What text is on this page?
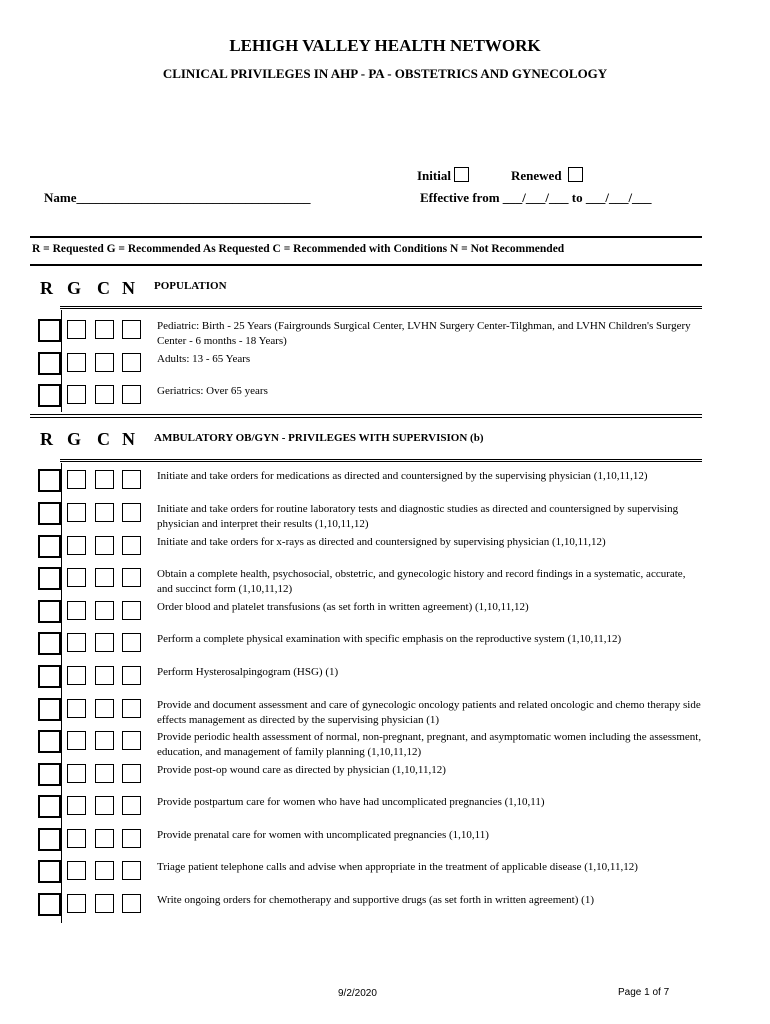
LEHIGH VALLEY HEALTH NETWORK
CLINICAL PRIVILEGES IN AHP - PA - OBSTETRICS AND GYNECOLOGY
Initial	Renewed
Name____________________________________	Effective from ___/___/___ to ___/___/___
R = Requested G = Recommended As Requested C = Recommended with Conditions N = Not Recommended
R G C N POPULATION
Pediatric: Birth - 25 Years (Fairgrounds Surgical Center, LVHN Surgery Center-Tilghman, and LVHN Children's Surgery Center - 6 months - 18 Years)
Adults: 13 - 65 Years
Geriatrics: Over 65 years
R G C N AMBULATORY OB/GYN - PRIVILEGES WITH SUPERVISION (b)
Initiate and take orders for medications as directed and countersigned by the supervising physician (1,10,11,12)
Initiate and take orders for routine laboratory tests and diagnostic studies as directed and countersigned by supervising physician and interpret their results (1,10,11,12)
Initiate and take orders for x-rays as directed and countersigned by supervising physician (1,10,11,12)
Obtain a complete health, psychosocial, obstetric, and gynecologic history and record findings in a systematic, accurate, and succinct form (1,10,11,12)
Order blood and platelet transfusions (as set forth in written agreement) (1,10,11,12)
Perform a complete physical examination with specific emphasis on the reproductive system (1,10,11,12)
Perform Hysterosalpingogram (HSG) (1)
Provide and document assessment and care of gynecologic oncology patients and related oncologic and chemo therapy side effects management as directed by the supervising physician (1)
Provide periodic health assessment of normal, non-pregnant, pregnant, and asymptomatic women including the assessment, education, and management of family planning (1,10,11,12)
Provide post-op wound care as directed by physician (1,10,11,12)
Provide postpartum care for women who have had uncomplicated pregnancies (1,10,11)
Provide prenatal care for women with uncomplicated pregnancies (1,10,11)
Triage patient telephone calls and advise when appropriate in the treatment of applicable disease (1,10,11,12)
Write ongoing orders for chemotherapy and supportive drugs (as set forth in written agreement) (1)
9/2/2020	Page 1 of 7
